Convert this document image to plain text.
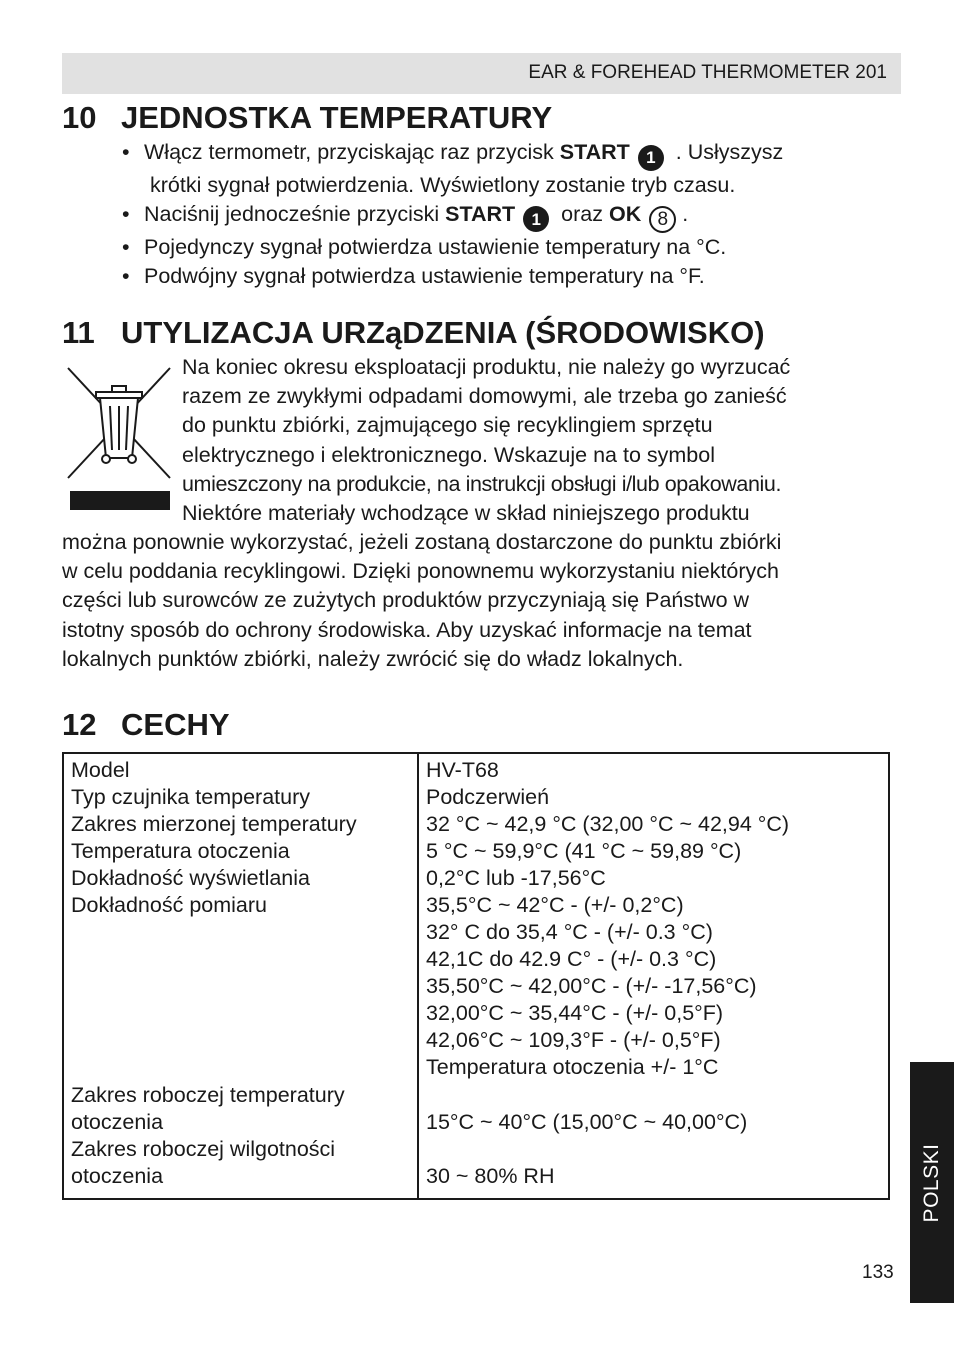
EAR & FOREHEAD THERMOMETER 201
10 JEDNOSTKA TEMPERATURY
• Włącz termometr, przyciskając raz przycisk START 1 . Usłyszysz
krótki sygnał potwierdzenia. Wyświetlony zostanie tryb czasu.
• Naciśnij jednocześnie przyciski START 1 oraz OK 8 .
• Pojedynczy sygnał potwierdza ustawienie temperatury na °C.
• Podwójny sygnał potwierdza ustawienie temperatury na °F.
11 UTYLIZACJA URZąDZENIA (ŚRODOWISKO)
Na koniec okresu eksploatacji produktu, nie należy go wyrzucać
razem ze zwykłymi odpadami domowymi, ale trzeba go zanieść
do punktu zbiórki, zajmującego się recyklingiem sprzętu
elektrycznego i elektronicznego. Wskazuje na to symbol
umieszczony na produkcie, na instrukcji obsługi i/lub opakowaniu.
Niektóre materiały wchodzące w skład niniejszego produktu
można ponownie wykorzystać, jeżeli zostaną dostarczone do punktu zbiórki
w celu poddania recyklingowi. Dzięki ponownemu wykorzystaniu niektórych
części lub surowców ze zużytych produktów przyczyniają się Państwo w
istotny sposób do ochrony środowiska. Aby uzyskać informacje na temat
lokalnych punktów zbiórki, należy zwrócić się do władz lokalnych.
12 CECHY
Model
Typ czujnika temperatury
Zakres mierzonej temperatury
Temperatura otoczenia
Dokładność wyświetlania
Dokładność pomiaru
Zakres roboczej temperatury
otoczenia
Zakres roboczej wilgotności
otoczenia
HV-T68
Podczerwień
32 °C ~ 42,9 °C (32,00 °C ~ 42,94 °C)
5 °C ~ 59,9°C (41 °C ~ 59,89 °C)
0,2°C lub -17,56°C
35,5°C ~ 42°C - (+/- 0,2°C)
32° C do 35,4 °C - (+/- 0.3 °C)
42,1C do 42.9 C° - (+/- 0.3 °C)
35,50°C ~ 42,00°C - (+/- -17,56°C)
32,00°C ~ 35,44°C - (+/- 0,5°F)
42,06°C ~ 109,3°F - (+/- 0,5°F)
Temperatura otoczenia +/- 1°C
15°C ~ 40°C (15,00°C ~ 40,00°C)
30 ~ 80% RH	POLSKI
133
